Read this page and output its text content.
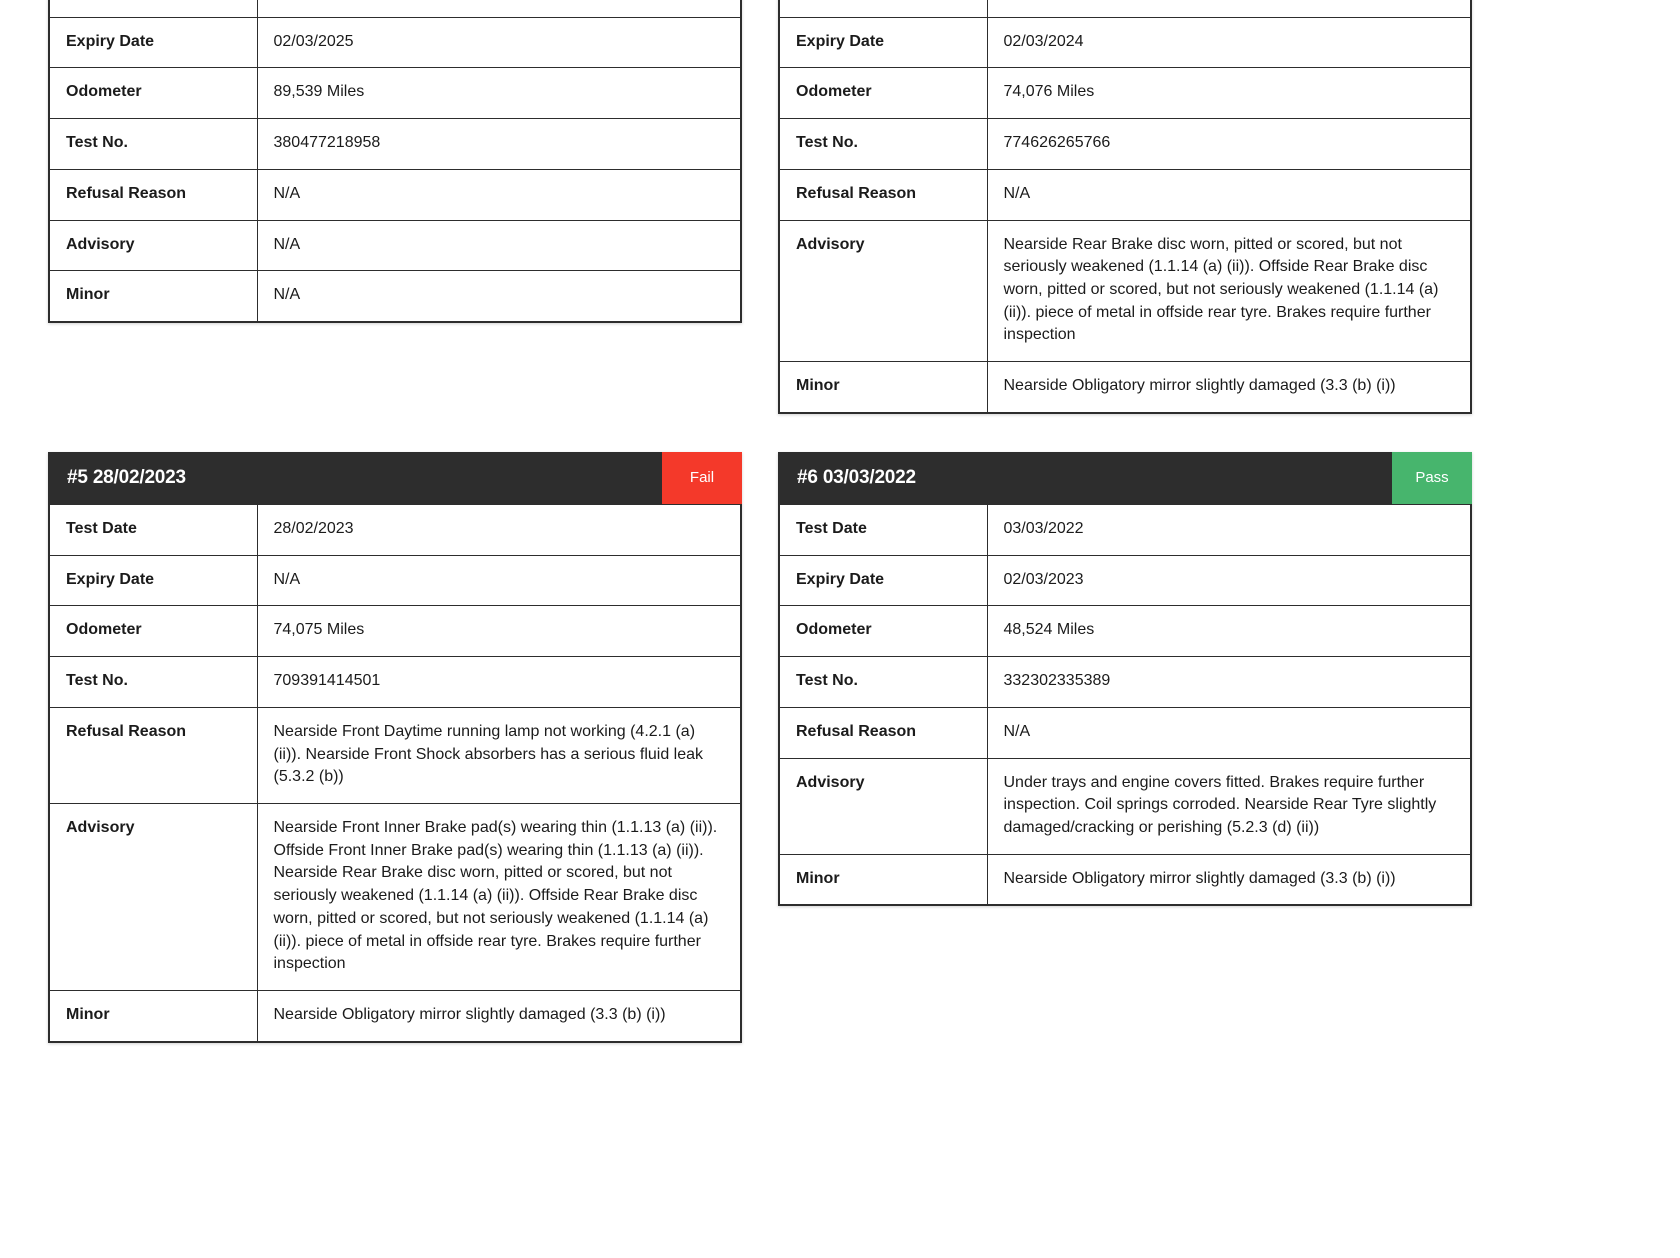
Expiry Date	02/03/2025
Odometer	89,539 Miles
Test No.	380477218958
Refusal Reason	N/A
Advisory	N/A
Minor	N/A

Expiry Date	02/03/2024
Odometer	74,076 Miles
Test No.	774626265766
Refusal Reason	N/A
Advisory	Nearside Rear Brake disc worn, pitted or scored, but not seriously weakened (1.1.14 (a) (ii)). Offside Rear Brake disc worn, pitted or scored, but not seriously weakened (1.1.14 (a) (ii)). piece of metal in offside rear tyre. Brakes require further inspection
Minor	Nearside Obligatory mirror slightly damaged (3.3 (b) (i))
#5 28/02/2023	Fail
Test Date	28/02/2023
Expiry Date	N/A
Odometer	74,075 Miles
Test No.	709391414501
Refusal Reason	Nearside Front Daytime running lamp not working (4.2.1 (a) (ii)). Nearside Front Shock absorbers has a serious fluid leak (5.3.2 (b))
Advisory	Nearside Front Inner Brake pad(s) wearing thin (1.1.13 (a) (ii)). Offside Front Inner Brake pad(s) wearing thin (1.1.13 (a) (ii)). Nearside Rear Brake disc worn, pitted or scored, but not seriously weakened (1.1.14 (a) (ii)). Offside Rear Brake disc worn, pitted or scored, but not seriously weakened (1.1.14 (a) (ii)). piece of metal in offside rear tyre. Brakes require further inspection
Minor	Nearside Obligatory mirror slightly damaged (3.3 (b) (i))
#6 03/03/2022	Pass
Test Date	03/03/2022
Expiry Date	02/03/2023
Odometer	48,524 Miles
Test No.	332302335389
Refusal Reason	N/A
Advisory	Under trays and engine covers fitted. Brakes require further inspection. Coil springs corroded. Nearside Rear Tyre slightly damaged/cracking or perishing (5.2.3 (d) (ii))
Minor	Nearside Obligatory mirror slightly damaged (3.3 (b) (i))
